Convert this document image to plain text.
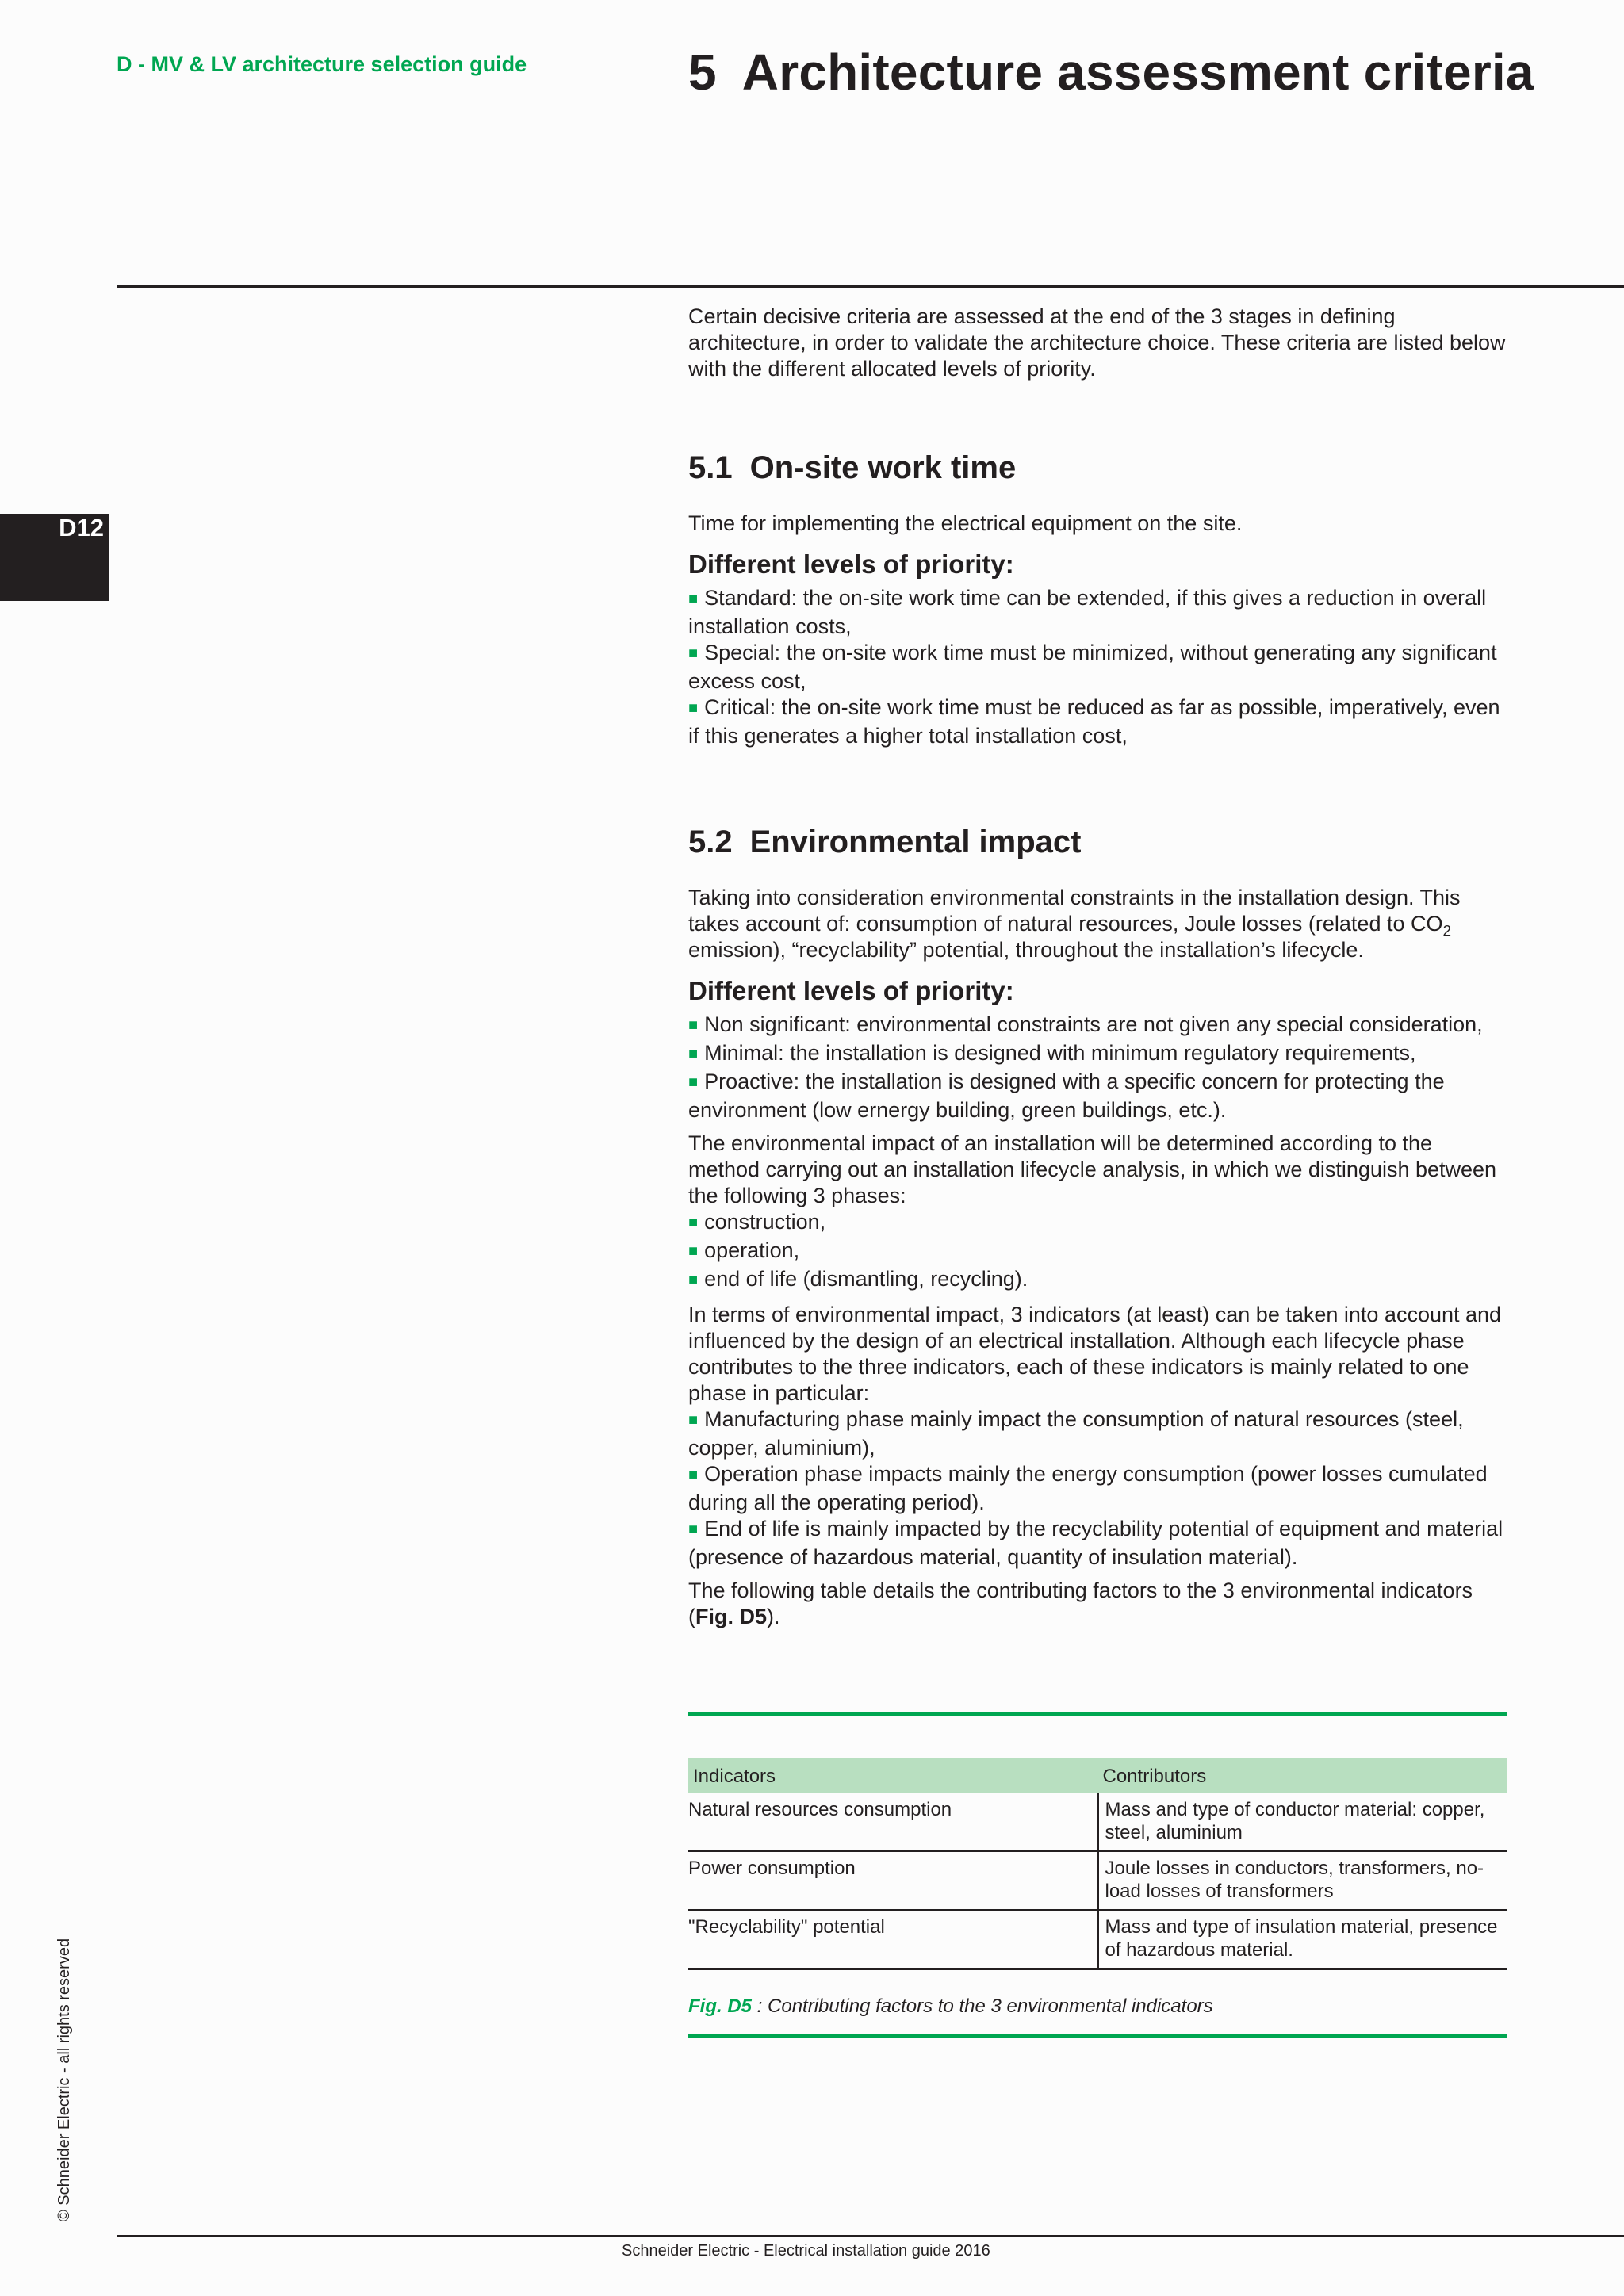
D - MV & LV architecture selection guide	5 Architecture assessment criteria
D12
© Schneider Electric - all rights reserved

Certain decisive criteria are assessed at the end of the 3 stages in defining architecture, in order to validate the architecture choice. These criteria are listed below with the different allocated levels of priority.

5.1 On-site work time

Time for implementing the electrical equipment on the site.

Different levels of priority:

■ Standard: the on-site work time can be extended, if this gives a reduction in overall installation costs,
■ Special: the on-site work time must be minimized, without generating any significant excess cost,
■ Critical: the on-site work time must be reduced as far as possible, imperatively, even if this generates a higher total installation cost,

5.2 Environmental impact

Taking into consideration environmental constraints in the installation design. This takes account of: consumption of natural resources, Joule losses (related to $CO_2$ emission), “recyclability” potential, throughout the installation’s lifecycle.

Different levels of priority:

■ Non significant: environmental constraints are not given any special consideration,
■ Minimal: the installation is designed with minimum regulatory requirements,
■ Proactive: the installation is designed with a specific concern for protecting the environment (low ernergy building, green buildings, etc.).

The environmental impact of an installation will be determined according to the method carrying out an installation lifecycle analysis, in which we distinguish between the following 3 phases:
■ construction,
■ operation,
■ end of life (dismantling, recycling).

In terms of environmental impact, 3 indicators (at least) can be taken into account and influenced by the design of an electrical installation. Although each lifecycle phase contributes to the three indicators, each of these indicators is mainly related to one phase in particular:
■ Manufacturing phase mainly impact the consumption of natural resources (steel, copper, aluminium),
■ Operation phase impacts mainly the energy consumption (power losses cumulated during all the operating period).
■ End of life is mainly impacted by the recyclability potential of equipment and material (presence of hazardous material, quantity of insulation material).

The following table details the contributing factors to the 3 environmental indicators (Fig. D5).

Indicators	Contributors
Natural resources consumption	Mass and type of conductor material: copper, steel, aluminium
Power consumption	Joule losses in conductors, transformers, no-load losses of transformers
"Recyclability" potential	Mass and type of insulation material, presence of hazardous material.
Fig. D5 : Contributing factors to the 3 environmental indicators
Schneider Electric - Electrical installation guide 2016
